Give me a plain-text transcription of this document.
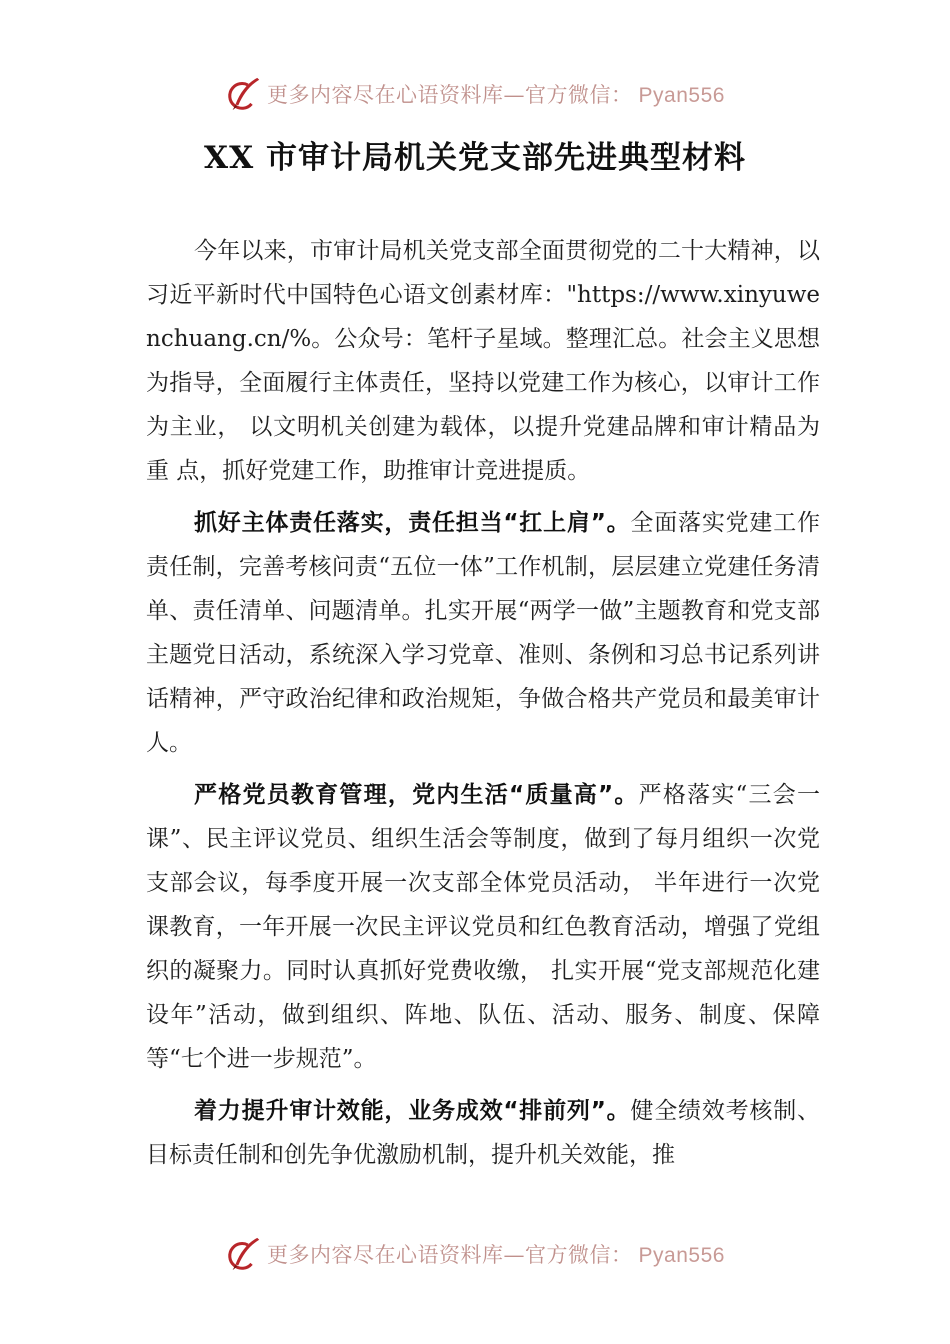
更多内容尽在心语资料库—官方微信： Pyan556
XX 市审计局机关党支部先进典型材料

今年以来，市审计局机关党支部全面贯彻党的二十大精神，以习近平新时代中国特色心语文创素材库："https://www.xinyuwenchuang.cn/%。公众号：笔杆子星域。整理汇总。社会主义思想为指导，全面履行主体责任，坚持以党建工作为核心，以审计工作为主业， 以文明机关创建为载体，以提升党建品牌和审计精品为重 点，抓好党建工作，助推审计竞进提质。

抓好主体责任落实，责任担当“扛上肩”。全面落实党建工作责任制，完善考核问责“五位一体”工作机制，层层建立党建任务清单、责任清单、问题清单。扎实开展“两学一做”主题教育和党支部主题党日活动，系统深入学习党章、准则、条例和习总书记系列讲话精神，严守政治纪律和政治规矩，争做合格共产党员和最美审计人。

严格党员教育管理，党内生活“质量高”。严格落实“三会一课”、民主评议党员、组织生活会等制度，做到了每月组织一次党支部会议，每季度开展一次支部全体党员活动， 半年进行一次党课教育，一年开展一次民主评议党员和红色教育活动，增强了党组织的凝聚力。同时认真抓好党费收缴， 扎实开展“党支部规范化建设年”活动，做到组织、阵地、队伍、活动、服务、制度、保障等“七个进一步规范”。

着力提升审计效能，业务成效“排前列”。健全绩效考核制、目标责任制和创先争优激励机制，提升机关效能，推

更多内容尽在心语资料库—官方微信： Pyan556
